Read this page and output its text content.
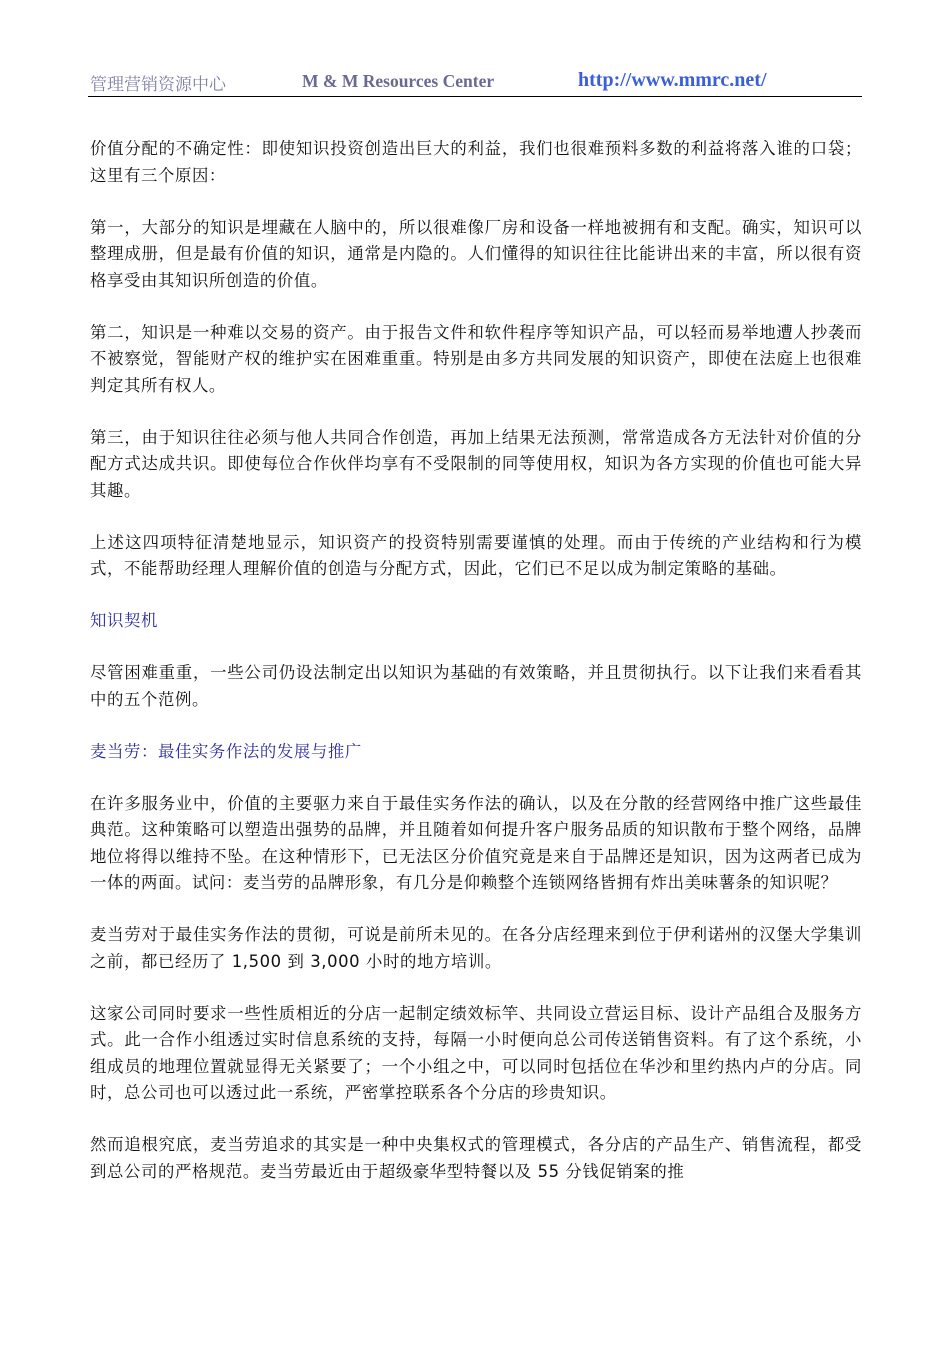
管理营销资源中心	M & M Resources Center	http://www.mmrc.net/

价值分配的不确定性：即使知识投资创造出巨大的利益，我们也很难预料多数的利益将落入谁的口袋；这里有三个原因：

第一，大部分的知识是埋藏在人脑中的，所以很难像厂房和设备一样地被拥有和支配。确实，知识可以整理成册，但是最有价值的知识，通常是内隐的。人们懂得的知识往往比能讲出来的丰富，所以很有资格享受由其知识所创造的价值。

第二，知识是一种难以交易的资产。由于报告文件和软件程序等知识产品，可以轻而易举地遭人抄袭而不被察觉，智能财产权的维护实在困难重重。特别是由多方共同发展的知识资产，即使在法庭上也很难判定其所有权人。

第三，由于知识往往必须与他人共同合作创造，再加上结果无法预测，常常造成各方无法针对价值的分配方式达成共识。即使每位合作伙伴均享有不受限制的同等使用权，知识为各方实现的价值也可能大异其趣。

上述这四项特征清楚地显示，知识资产的投资特别需要谨慎的处理。而由于传统的产业结构和行为模式，不能帮助经理人理解价值的创造与分配方式，因此，它们已不足以成为制定策略的基础。

知识契机

尽管困难重重，一些公司仍设法制定出以知识为基础的有效策略，并且贯彻执行。以下让我们来看看其中的五个范例。

麦当劳：最佳实务作法的发展与推广

在许多服务业中，价值的主要驱力来自于最佳实务作法的确认，以及在分散的经营网络中推广这些最佳典范。这种策略可以塑造出强势的品牌，并且随着如何提升客户服务品质的知识散布于整个网络，品牌地位将得以维持不坠。在这种情形下，已无法区分价值究竟是来自于品牌还是知识，因为这两者已成为一体的两面。试问：麦当劳的品牌形象，有几分是仰赖整个连锁网络皆拥有炸出美味薯条的知识呢？

麦当劳对于最佳实务作法的贯彻，可说是前所未见的。在各分店经理来到位于伊利诺州的汉堡大学集训之前，都已经历了 1,500 到 3,000 小时的地方培训。

这家公司同时要求一些性质相近的分店一起制定绩效标竿、共同设立营运目标、设计产品组合及服务方式。此一合作小组透过实时信息系统的支持，每隔一小时便向总公司传送销售资料。有了这个系统，小组成员的地理位置就显得无关紧要了；一个小组之中，可以同时包括位在华沙和里约热内卢的分店。同时，总公司也可以透过此一系统，严密掌控联系各个分店的珍贵知识。

然而追根究底，麦当劳追求的其实是一种中央集权式的管理模式，各分店的产品生产、销售流程，都受到总公司的严格规范。麦当劳最近由于超级豪华型特餐以及 55 分钱促销案的推
